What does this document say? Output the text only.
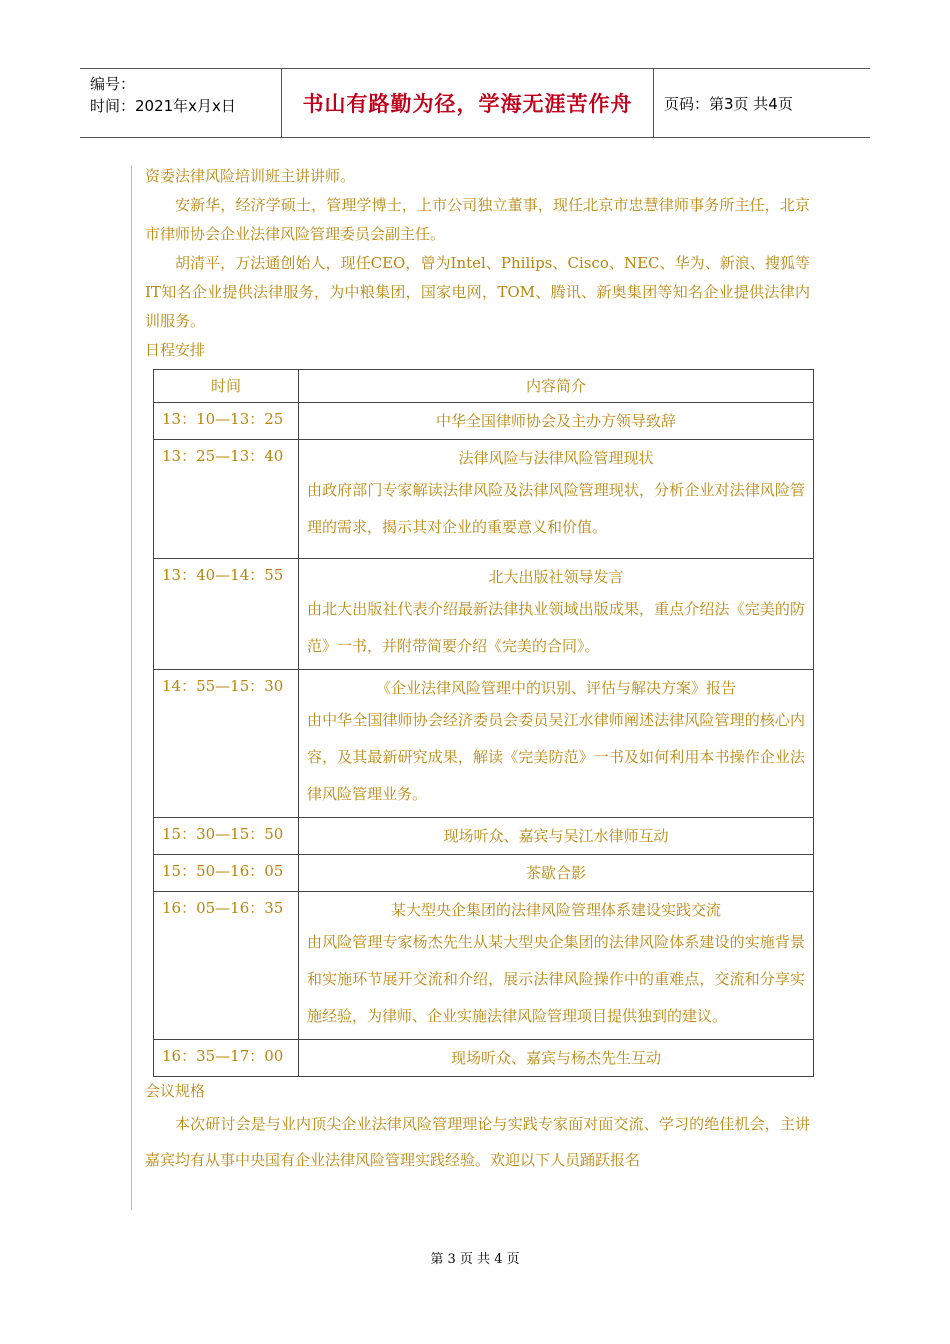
编号：
时间：2021年x月x日	书山有路勤为径，学海无涯苦作舟	页码：第3页 共4页

资委法律风险培训班主讲讲师。

安新华，经济学硕士，管理学博士，上市公司独立董事，现任北京市忠慧律师事务所主任，北京市律师协会企业法律风险管理委员会副主任。

胡清平，万法通创始人，现任CEO，曾为Intel、Philips、Cisco、NEC、华为、新浪、搜狐等IT知名企业提供法律服务，为中粮集团，国家电网，TOM、腾讯、新奥集团等知名企业提供法律内训服务。

日程安排

时间	内容简介
13：10—13：25	中华全国律师协会及主办方领导致辞

13：25—13：40	法律风险与法律风险管理现状
由政府部门专家解读法律风险及法律风险管理现状，分析企业对法律风险管理的需求，揭示其对企业的重要意义和价值。

13：40—14：55	北大出版社领导发言
由北大出版社代表介绍最新法律执业领域出版成果，重点介绍法《完美的防范》一书，并附带简要介绍《完美的合同》。

14：55—15：30	《企业法律风险管理中的识别、评估与解决方案》报告
由中华全国律师协会经济委员会委员吴江水律师阐述法律风险管理的核心内容，及其最新研究成果，解读《完美防范》一书及如何利用本书操作企业法律风险管理业务。

15：30—15：50	现场听众、嘉宾与吴江水律师互动

15：50—16：05	茶歇合影

16：05—16：35	某大型央企集团的法律风险管理体系建设实践交流
由风险管理专家杨杰先生从某大型央企集团的法律风险体系建设的实施背景和实施环节展开交流和介绍，展示法律风险操作中的重难点，交流和分享实施经验，为律师、企业实施法律风险管理项目提供独到的建议。

16：35—17：00	现场听众、嘉宾与杨杰先生互动

会议规格

本次研讨会是与业内顶尖企业法律风险管理理论与实践专家面对面交流、学习的绝佳机会，主讲嘉宾均有从事中央国有企业法律风险管理实践经验。欢迎以下人员踊跃报名

第 3 页 共 4 页
